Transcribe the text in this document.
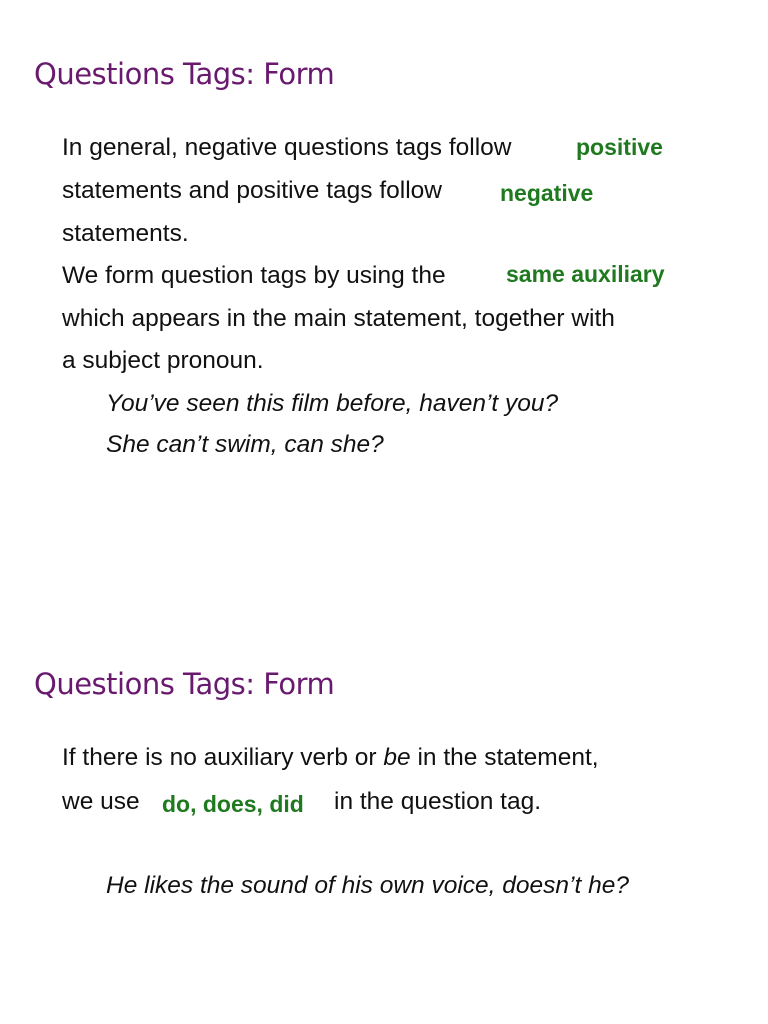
Questions Tags: Form
In general, negative questions tags follow	positive
statements and positive tags follow	negative
statements.
We form question tags by using the	same auxiliary
which appears in the main statement, together with
a subject pronoun.
You’ve seen this film before, haven’t you?
She can’t swim, can she?
Questions Tags: Form
If there is no auxiliary verb or be in the statement,
we use do, does, did in the question tag.
He likes the sound of his own voice, doesn’t he?
